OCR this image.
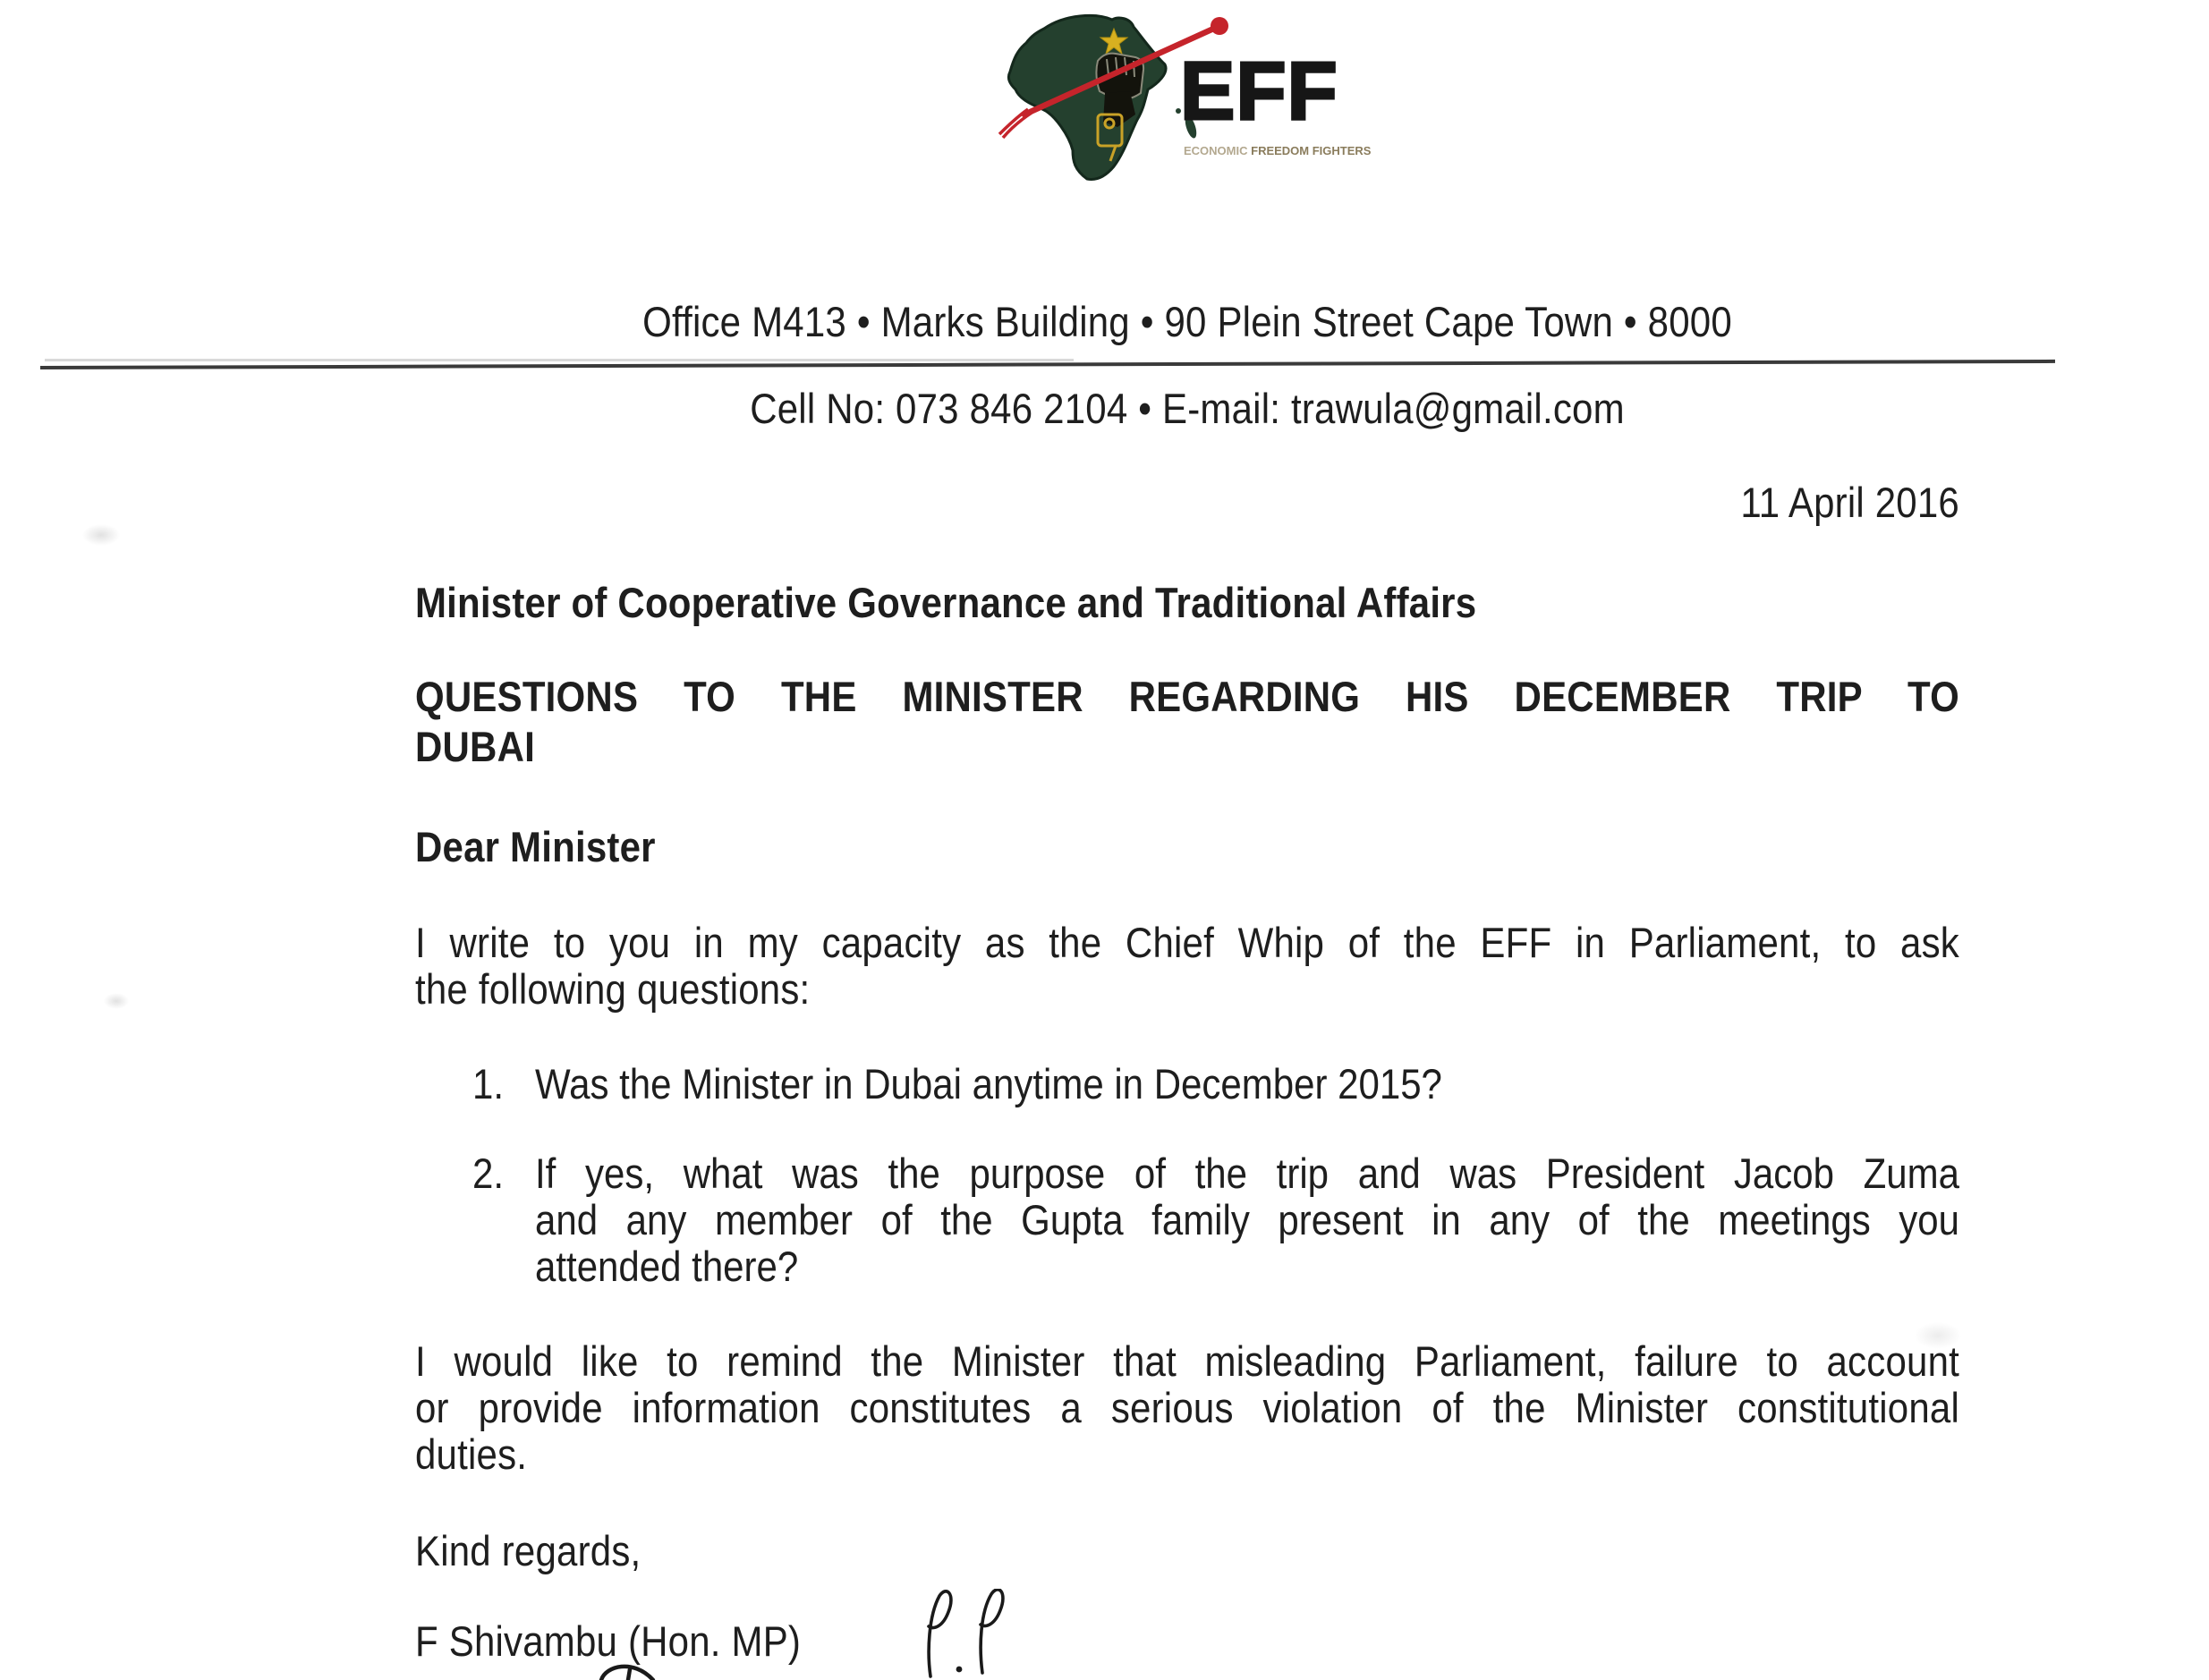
EFF
ECONOMIC FREEDOM FIGHTERS
Office M413 • Marks Building • 90 Plein Street Cape Town • 8000
Cell No: 073 846 2104 • E-mail: trawula@gmail.com
11 April 2016
Minister of Cooperative Governance and Traditional Affairs
QUESTIONS TO THE MINISTER REGARDING HIS DECEMBER TRIP TO
DUBAI
Dear Minister
I write to you in my capacity as the Chief Whip of the EFF in Parliament, to ask
the following questions:
1. Was the Minister in Dubai anytime in December 2015?
2. If yes, what was the purpose of the trip and was President Jacob Zuma
and any member of the Gupta family present in any of the meetings you
attended there?
I would like to remind the Minister that misleading Parliament, failure to account
or provide information constitutes a serious violation of the Minister constitutional
duties.
Kind regards,
F Shivambu (Hon. MP)
